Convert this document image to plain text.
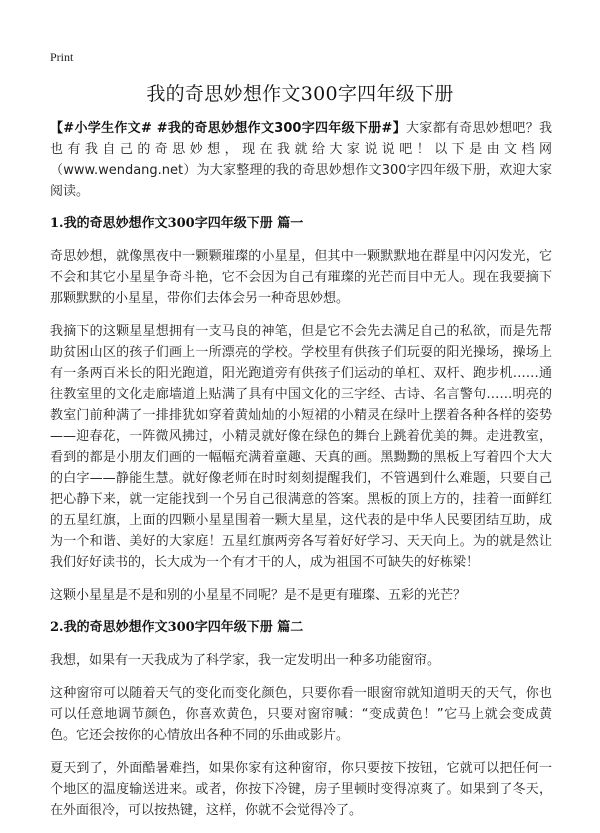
Print
我的奇思妙想作文300字四年级下册

【#小学生作文# #我的奇思妙想作文300字四年级下册#】大家都有奇思妙想吧？我也有我自己的奇思妙想，现在我就给大家说说吧！以下是由文档网（www.wendang.net）为大家整理的我的奇思妙想作文300字四年级下册，欢迎大家阅读。

1.我的奇思妙想作文300字四年级下册 篇一

奇思妙想，就像黑夜中一颗颗璀璨的小星星，但其中一颗默默地在群星中闪闪发光，它不会和其它小星星争奇斗艳，它不会因为自己有璀璨的光芒而目中无人。现在我要摘下那颗默默的小星星，带你们去体会另一种奇思妙想。

我摘下的这颗星星想拥有一支马良的神笔，但是它不会先去满足自己的私欲，而是先帮助贫困山区的孩子们画上一所漂亮的学校。学校里有供孩子们玩耍的阳光操场，操场上有一条两百米长的阳光跑道，阳光跑道旁有供孩子们运动的单杠、双杆、跑步机……通往教室里的文化走廊墙道上贴满了具有中国文化的三字经、古诗、名言警句……明亮的教室门前种满了一排排犹如穿着黄灿灿的小短裙的小精灵在绿叶上摆着各种各样的姿势——迎春花，一阵微风拂过，小精灵就好像在绿色的舞台上跳着优美的舞。走进教室，看到的都是小朋友们画的一幅幅充满着童趣、天真的画。黑黝黝的黑板上写着四个大大的白字——静能生慧。就好像老师在时时刻刻提醒我们，不管遇到什么难题，只要自己把心静下来，就一定能找到一个另自己很满意的答案。黑板的顶上方的，挂着一面鲜红的五星红旗，上面的四颗小星星围着一颗大星星，这代表的是中华人民要团结互助，成为一个和谐、美好的大家庭！五星红旗两旁各写着好好学习、天天向上。为的就是然让我们好好读书的，长大成为一个有才干的人，成为祖国不可缺失的好栋梁！

这颗小星星是不是和别的小星星不同呢？是不是更有璀璨、五彩的光芒？

2.我的奇思妙想作文300字四年级下册 篇二

我想，如果有一天我成为了科学家，我一定发明出一种多功能窗帘。

这种窗帘可以随着天气的变化而变化颜色，只要你看一眼窗帘就知道明天的天气，你也可以任意地调节颜色，你喜欢黄色，只要对窗帘喊：“变成黄色！”它马上就会变成黄色。它还会按你的心情放出各种不同的乐曲或影片。

夏天到了，外面酷暑难挡，如果你家有这种窗帘，你只要按下按钮，它就可以把任何一个地区的温度输送进来。或者，你按下冷键，房子里顿时变得凉爽了。如果到了冬天，在外面很冷，可以按热键，这样，你就不会觉得冷了。
